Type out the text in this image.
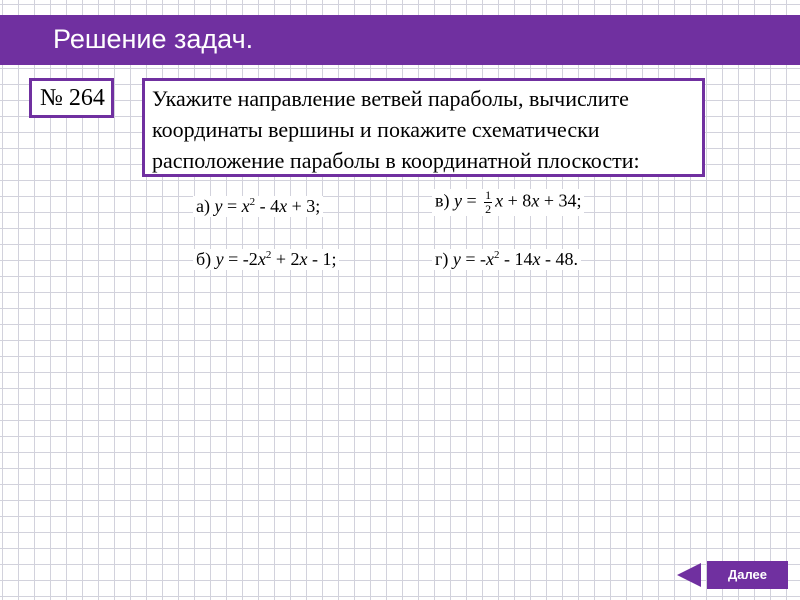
Решение задач.
№ 264	Укажите направление ветвей параболы, вычислите
координаты вершины и покажите схематически
расположение параболы в координатной плоскости:
а) $y = x^2 - 4x + 3$;
б) $y = -2x^2 + 2x - 1$;
в) $y = \frac{1}{2}$ x + 8x + 34;
г) $y = -x^2 - 14x - 48$.
Далее
